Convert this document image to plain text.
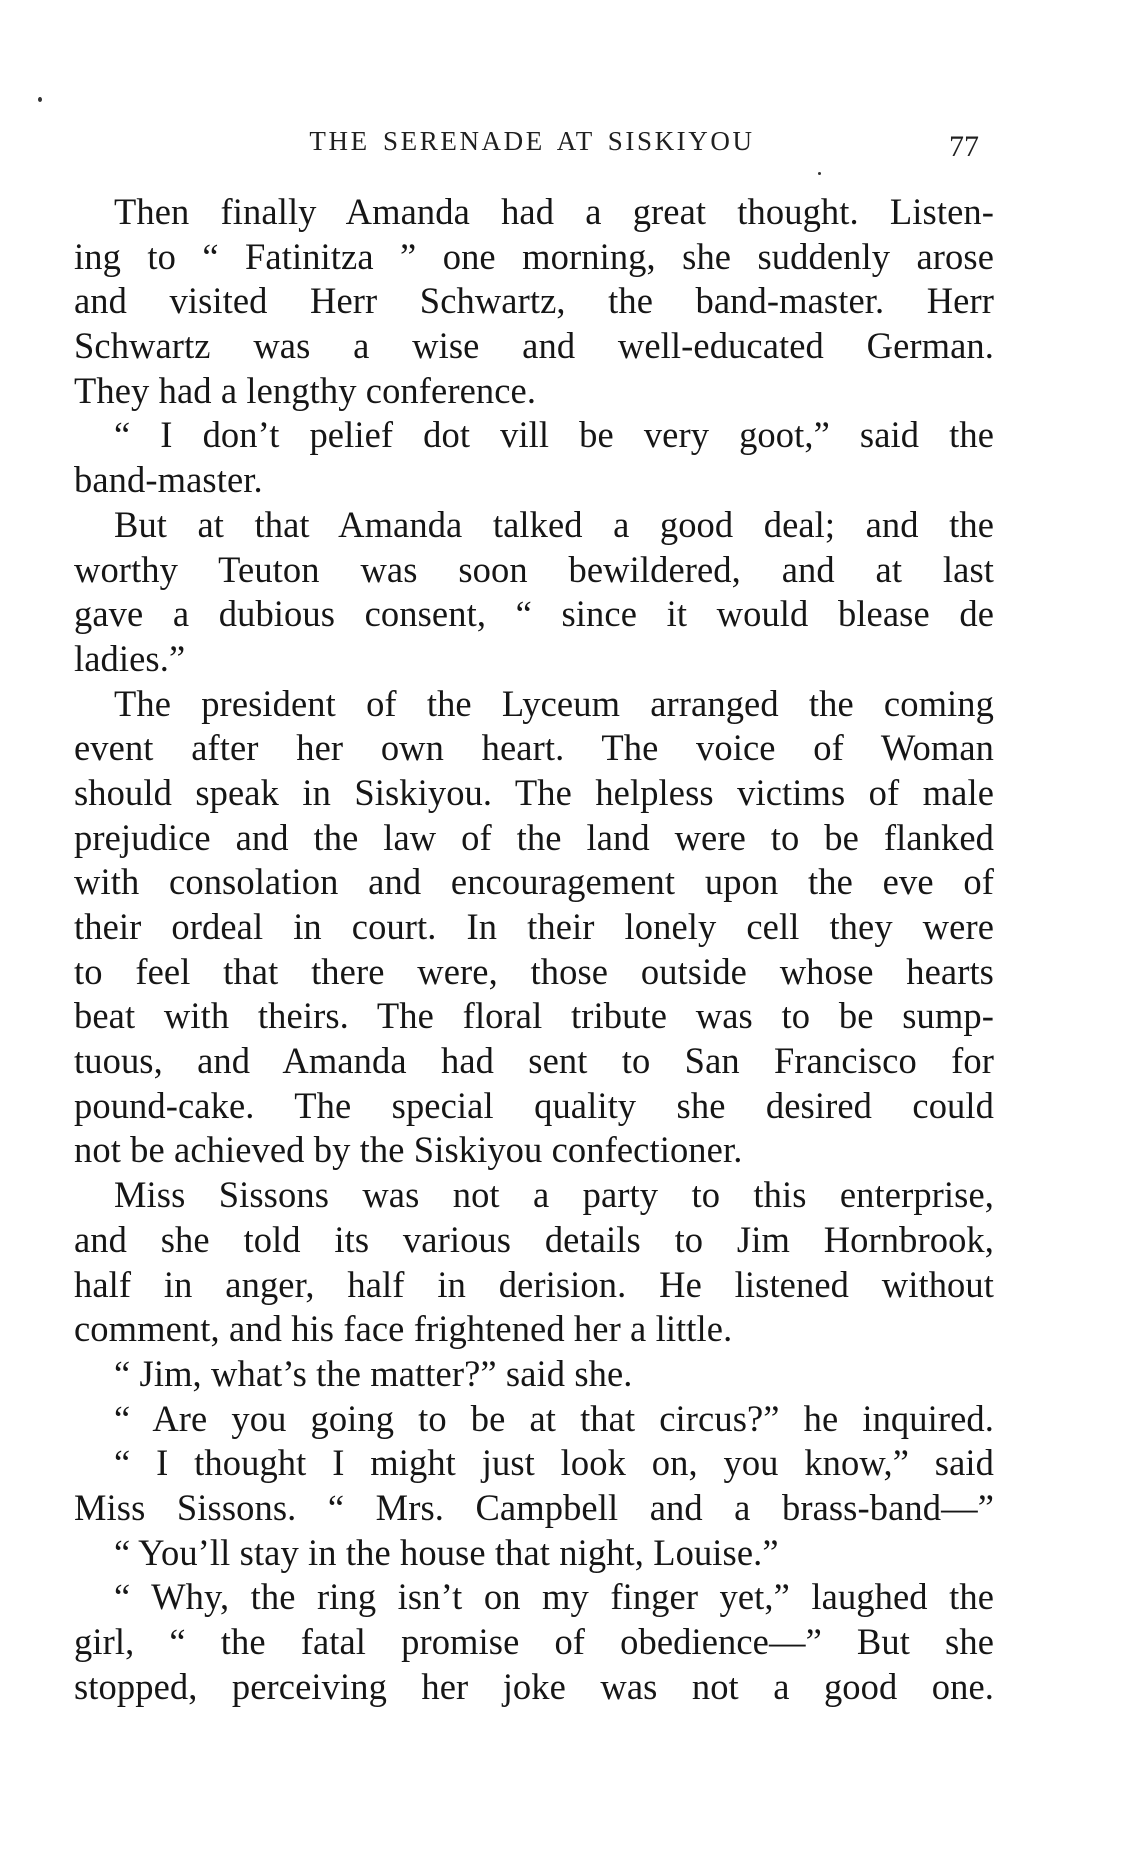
THE SERENADE AT SISKIYOU	77
Then finally Amanda had a great thought. Listen-
ing to “ Fatinitza ” one morning, she suddenly arose
and visited Herr Schwartz, the band-master. Herr
Schwartz was a wise and well-educated German.
They had a lengthy conference.
“ I don’t pelief dot vill be very goot,” said the
band-master.
But at that Amanda talked a good deal; and the
worthy Teuton was soon bewildered, and at last
gave a dubious consent, “ since it would blease de
ladies.”
The president of the Lyceum arranged the coming
event after her own heart. The voice of Woman
should speak in Siskiyou. The helpless victims of male
prejudice and the law of the land were to be flanked
with consolation and encouragement upon the eve of
their ordeal in court. In their lonely cell they were
to feel that there were, those outside whose hearts
beat with theirs. The floral tribute was to be sump-
tuous, and Amanda had sent to San Francisco for
pound-cake. The special quality she desired could
not be achieved by the Siskiyou confectioner.
Miss Sissons was not a party to this enterprise,
and she told its various details to Jim Hornbrook,
half in anger, half in derision. He listened without
comment, and his face frightened her a little.
“ Jim, what’s the matter?” said she.
“ Are you going to be at that circus?” he inquired.
“ I thought I might just look on, you know,” said
Miss Sissons. “ Mrs. Campbell and a brass-band—”
“ You’ll stay in the house that night, Louise.”
“ Why, the ring isn’t on my finger yet,” laughed the
girl, “ the fatal promise of obedience—” But she
stopped, perceiving her joke was not a good one.
